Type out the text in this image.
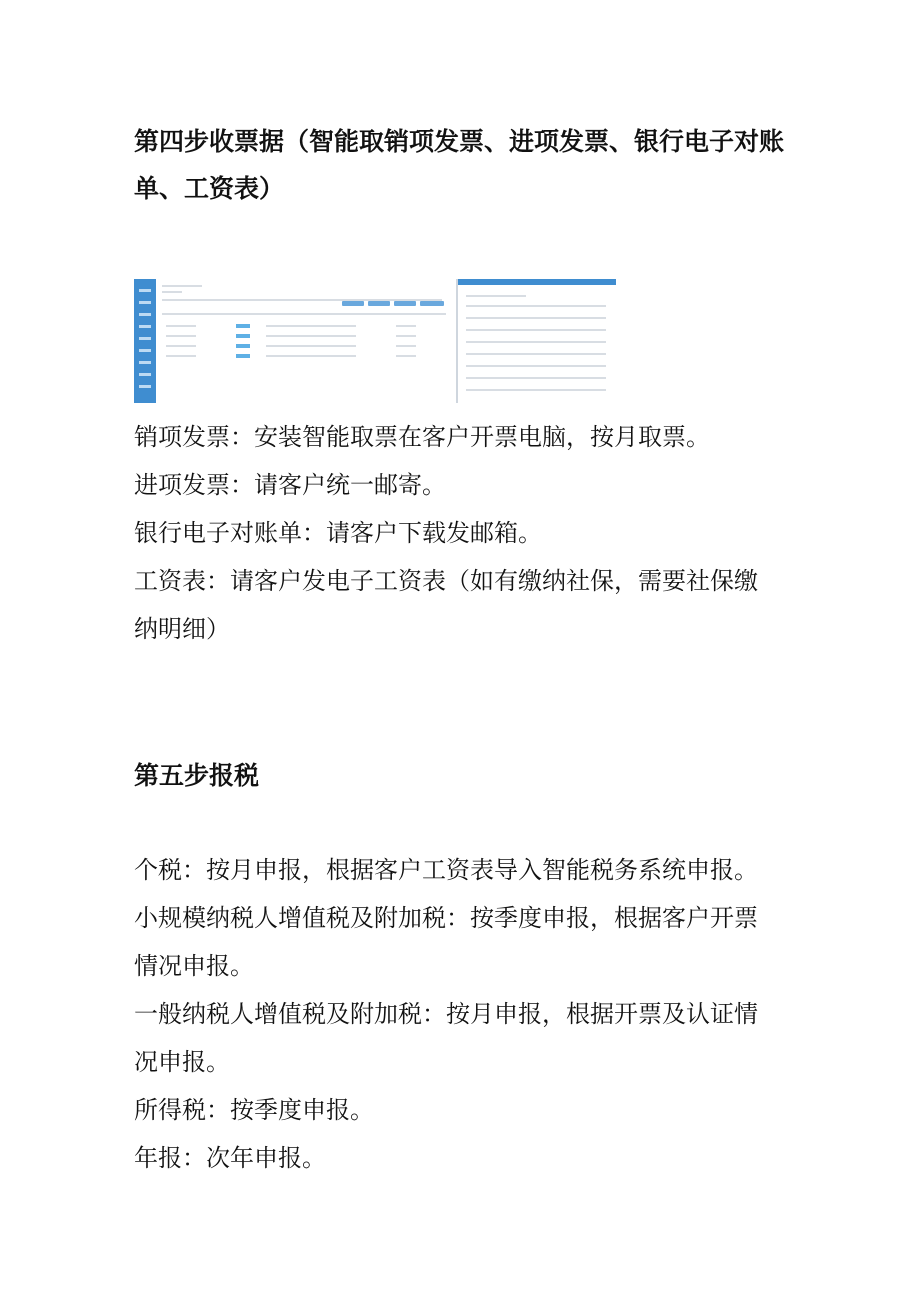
第四步收票据（智能取销项发票、进项发票、银行电子对账
单、工资表）

销项发票：安装智能取票在客户开票电脑，按月取票。

进项发票：请客户统一邮寄。

银行电子对账单：请客户下载发邮箱。

工资表：请客户发电子工资表（如有缴纳社保，需要社保缴

纳明细）

第五步报税

个税：按月申报，根据客户工资表导入智能税务系统申报。

小规模纳税人增值税及附加税：按季度申报，根据客户开票

情况申报。

一般纳税人增值税及附加税：按月申报，根据开票及认证情

况申报。

所得税：按季度申报。

年报：次年申报。
